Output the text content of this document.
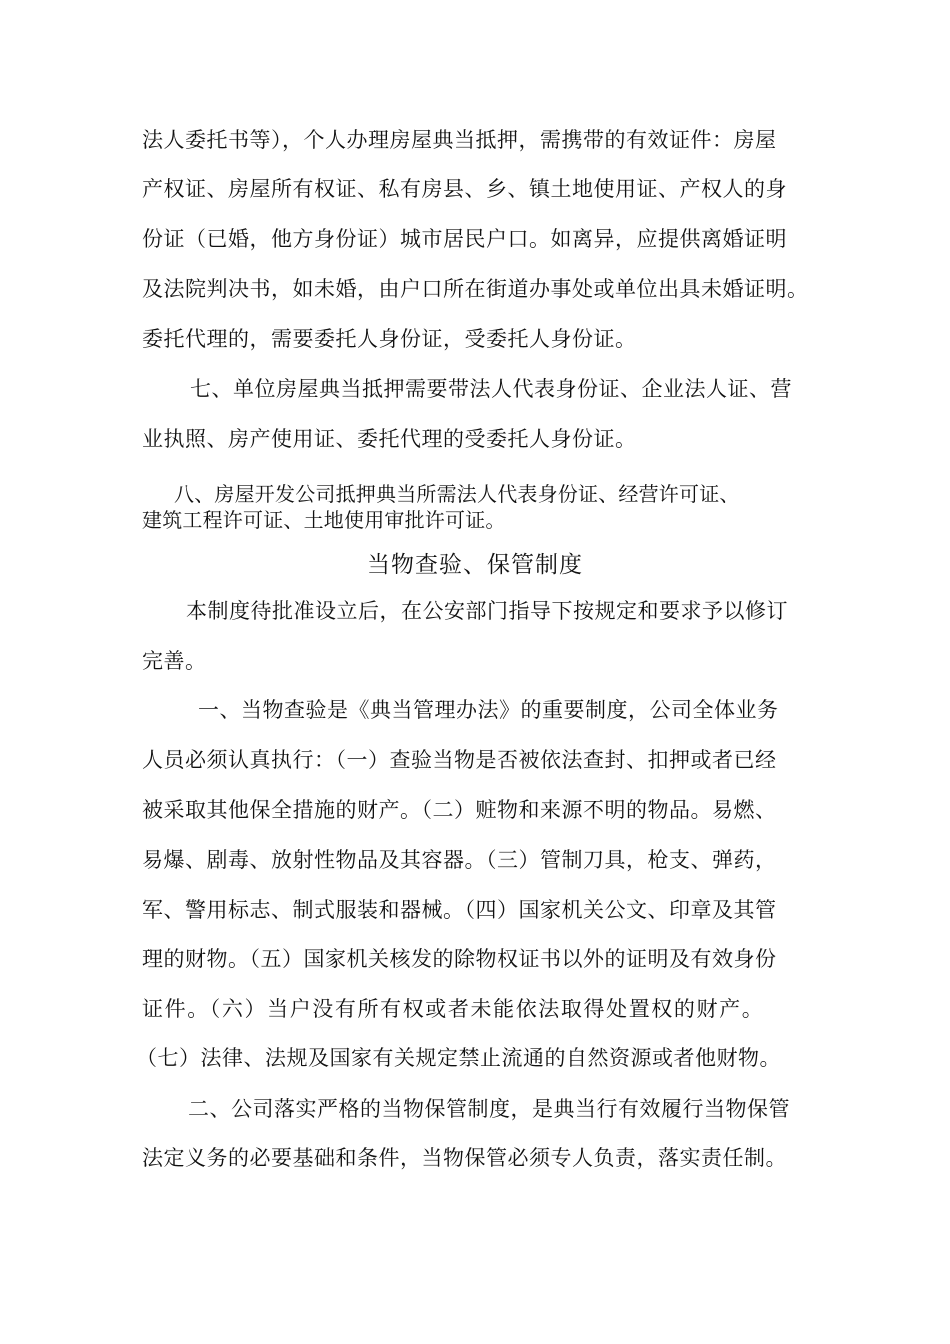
法人委托书等），个人办理房屋典当抵押，需携带的有效证件：房屋
产权证、房屋所有权证、私有房县、乡、镇土地使用证、产权人的身
份证（已婚，他方身份证）城市居民户口。如离异，应提供离婚证明
及法院判决书，如未婚，由户口所在街道办事处或单位出具未婚证明。
委托代理的，需要委托人身份证，受委托人身份证。
七、单位房屋典当抵押需要带法人代表身份证、企业法人证、营
业执照、房产使用证、委托代理的受委托人身份证。
八、房屋开发公司抵押典当所需法人代表身份证、经营许可证、
建筑工程许可证、土地使用审批许可证。
当物查验、保管制度
本制度待批准设立后，在公安部门指导下按规定和要求予以修订
完善。
一、当物查验是《典当管理办法》的重要制度，公司全体业务
人员必须认真执行：（一）查验当物是否被依法查封、扣押或者已经
被采取其他保全措施的财产。（二）赃物和来源不明的物品。易燃、
易爆、剧毒、放射性物品及其容器。（三）管制刀具，枪支、弹药，
军、警用标志、制式服装和器械。（四）国家机关公文、印章及其管
理的财物。（五）国家机关核发的除物权证书以外的证明及有效身份
证件。（六）当户没有所有权或者未能依法取得处置权的财产。
（七）法律、法规及国家有关规定禁止流通的自然资源或者他财物。
二、公司落实严格的当物保管制度，是典当行有效履行当物保管
法定义务的必要基础和条件，当物保管必须专人负责，落实责任制。
